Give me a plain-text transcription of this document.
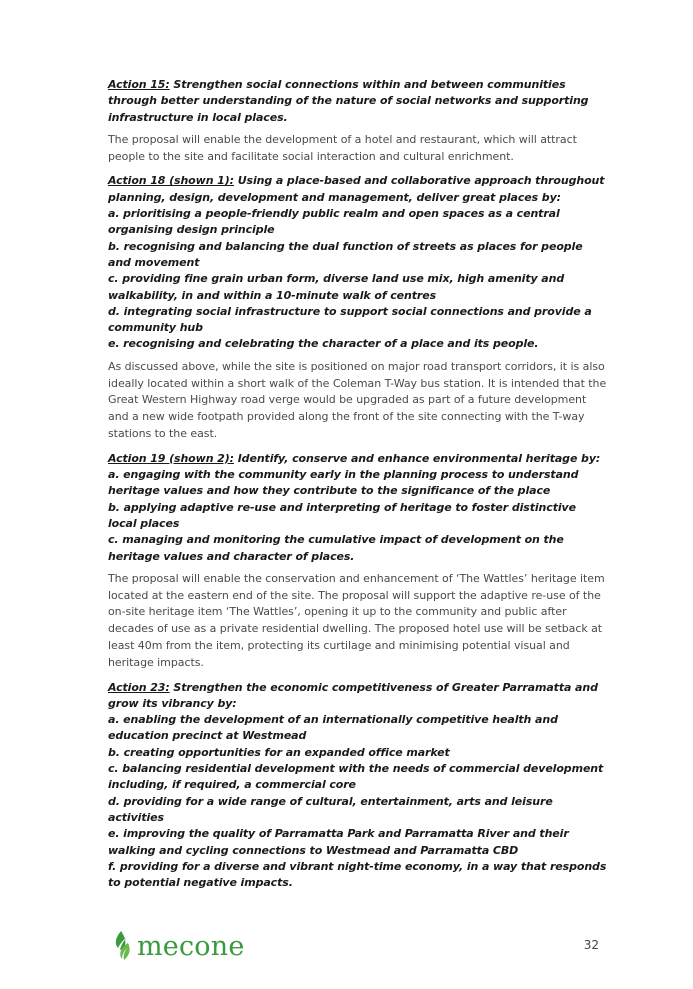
Action 15: Strengthen social connections within and between communities through better understanding of the nature of social networks and supporting infrastructure in local places.

The proposal will enable the development of a hotel and restaurant, which will attract people to the site and facilitate social interaction and cultural enrichment.

Action 18 (shown 1): Using a place-based and collaborative approach throughout planning, design, development and management, deliver great places by:
a. prioritising a people-friendly public realm and open spaces as a central organising design principle
b. recognising and balancing the dual function of streets as places for people and movement
c. providing fine grain urban form, diverse land use mix, high amenity and walkability, in and within a 10-minute walk of centres
d. integrating social infrastructure to support social connections and provide a community hub
e. recognising and celebrating the character of a place and its people.

As discussed above, while the site is positioned on major road transport corridors, it is also ideally located within a short walk of the Coleman T-Way bus station. It is intended that the Great Western Highway road verge would be upgraded as part of a future development and a new wide footpath provided along the front of the site connecting with the T-way stations to the east.

Action 19 (shown 2): Identify, conserve and enhance environmental heritage by:
a. engaging with the community early in the planning process to understand heritage values and how they contribute to the significance of the place
b. applying adaptive re-use and interpreting of heritage to foster distinctive local places
c. managing and monitoring the cumulative impact of development on the heritage values and character of places.

The proposal will enable the conservation and enhancement of ‘The Wattles’ heritage item located at the eastern end of the site. The proposal will support the adaptive re-use of the on-site heritage item ‘The Wattles’, opening it up to the community and public after decades of use as a private residential dwelling. The proposed hotel use will be setback at least 40m from the item, protecting its curtilage and minimising potential visual and heritage impacts.

Action 23: Strengthen the economic competitiveness of Greater Parramatta and grow its vibrancy by:
a. enabling the development of an internationally competitive health and education precinct at Westmead
b. creating opportunities for an expanded office market
c. balancing residential development with the needs of commercial development including, if required, a commercial core
d. providing for a wide range of cultural, entertainment, arts and leisure activities
e. improving the quality of Parramatta Park and Parramatta River and their walking and cycling connections to Westmead and Parramatta CBD
f. providing for a diverse and vibrant night-time economy, in a way that responds to potential negative impacts.
mecone	32
